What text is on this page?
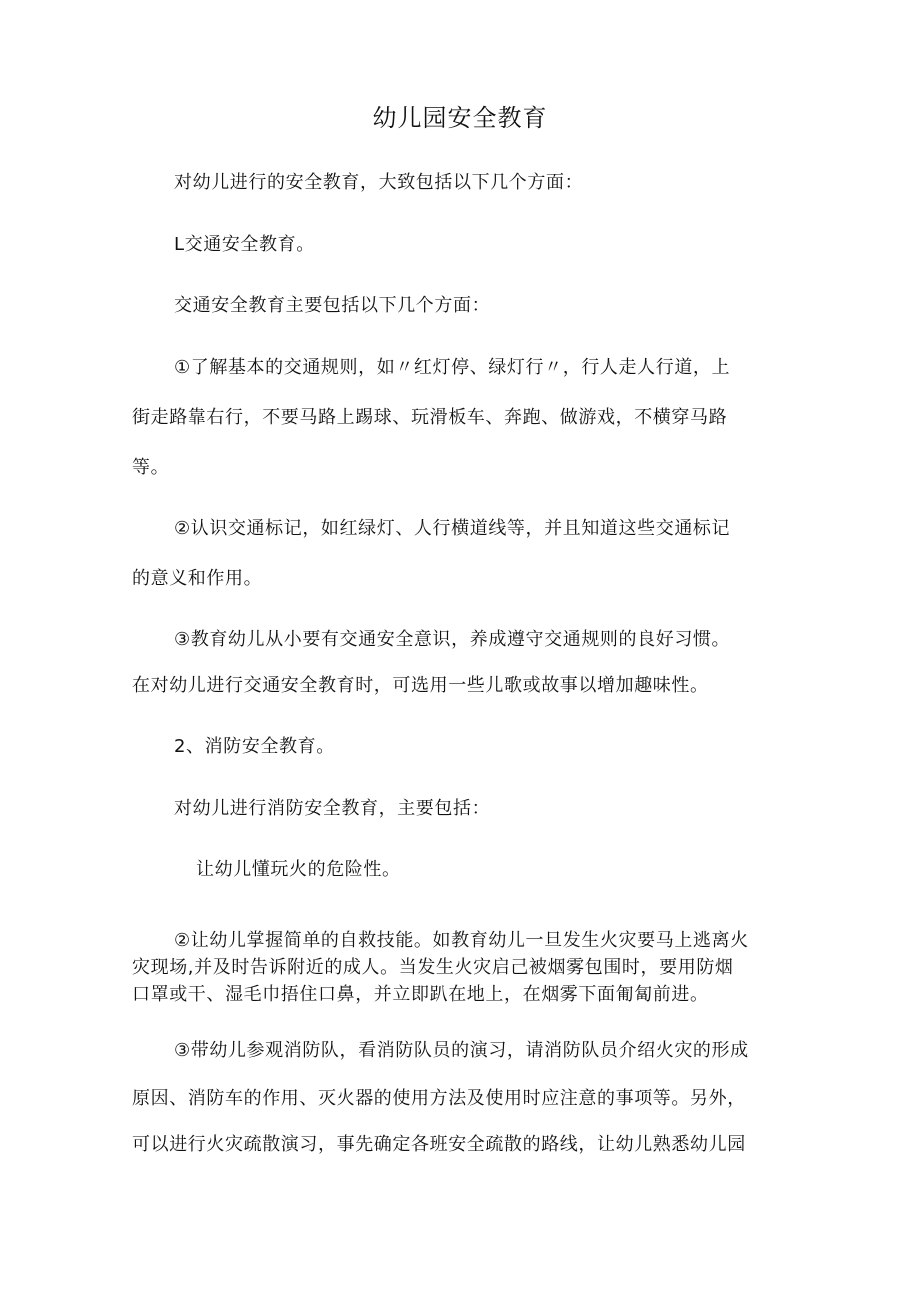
幼儿园安全教育
对幼儿进行的安全教育，大致包括以下几个方面：
L交通安全教育。
交通安全教育主要包括以下几个方面：
①了解基本的交通规则，如〃红灯停、绿灯行〃，行人走人行道，上
街走路靠右行，不要马路上踢球、玩滑板车、奔跑、做游戏，不横穿马路
等。
②认识交通标记，如红绿灯、人行横道线等，并且知道这些交通标记
的意义和作用。
③教育幼儿从小要有交通安全意识，养成遵守交通规则的良好习惯。
在对幼儿进行交通安全教育时，可选用一些儿歌或故事以增加趣味性。
2、消防安全教育。
对幼儿进行消防安全教育，主要包括：
让幼儿懂玩火的危险性。
②让幼儿掌握简单的自救技能。如教育幼儿一旦发生火灾要马上逃离火
灾现场,并及时告诉附近的成人。当发生火灾启己被烟雾包围时，要用防烟
口罩或干、湿毛巾捂住口鼻，并立即趴在地上，在烟雾下面匍匐前进。
③带幼儿参观消防队，看消防队员的演习，请消防队员介绍火灾的形成
原因、消防车的作用、灭火器的使用方法及使用时应注意的事项等。另外，
可以进行火灾疏散演习，事先确定各班安全疏散的路线，让幼儿熟悉幼儿园
